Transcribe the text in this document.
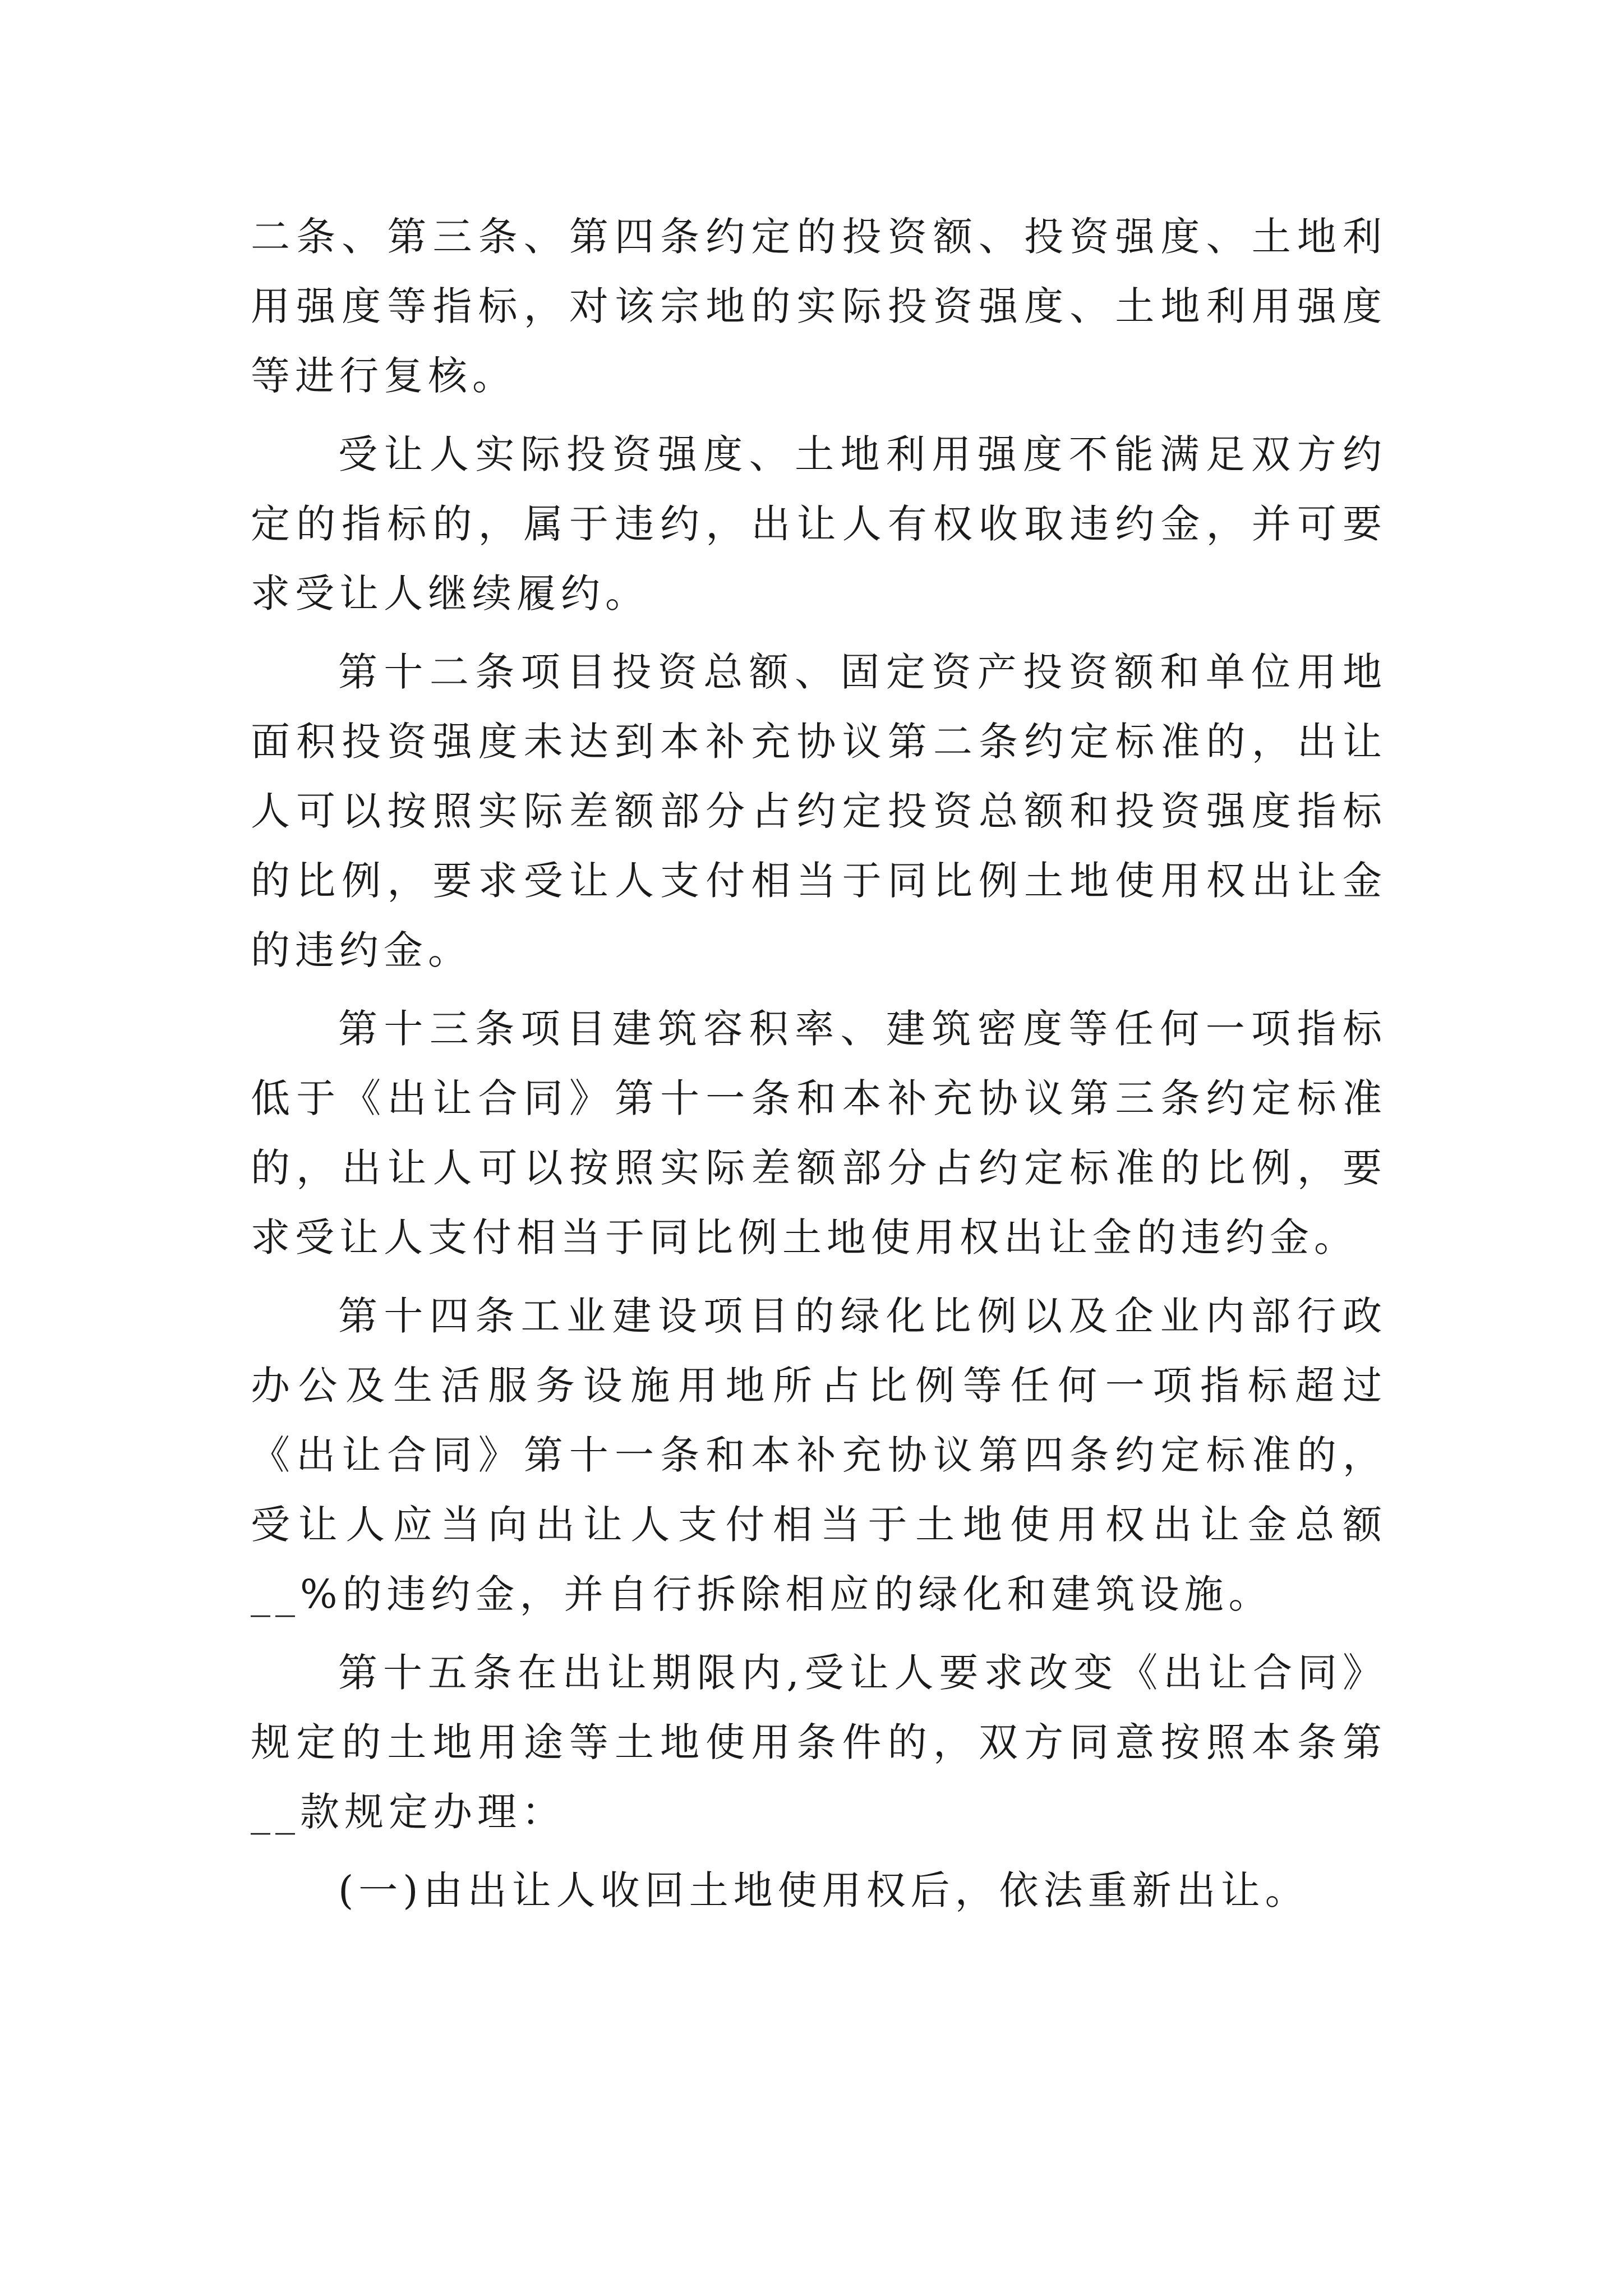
二条、第三条、第四条约定的投资额、投资强度、土地利用强度等指标，对该宗地的实际投资强度、土地利用强度等进行复核。

受让人实际投资强度、土地利用强度不能满足双方约定的指标的，属于违约，出让人有权收取违约金，并可要求受让人继续履约。

第十二条项目投资总额、固定资产投资额和单位用地面积投资强度未达到本补充协议第二条约定标准的，出让人可以按照实际差额部分占约定投资总额和投资强度指标的比例，要求受让人支付相当于同比例土地使用权出让金的违约金。

第十三条项目建筑容积率、建筑密度等任何一项指标低于《出让合同》第十一条和本补充协议第三条约定标准的，出让人可以按照实际差额部分占约定标准的比例，要求受让人支付相当于同比例土地使用权出让金的违约金。

第十四条工业建设项目的绿化比例以及企业内部行政办公及生活服务设施用地所占比例等任何一项指标超过《出让合同》第十一条和本补充协议第四条约定标准的，受让人应当向出让人支付相当于土地使用权出让金总额__%的违约金，并自行拆除相应的绿化和建筑设施。

第十五条在出让期限内,受让人要求改变《出让合同》规定的土地用途等土地使用条件的，双方同意按照本条第__款规定办理：

(一)由出让人收回土地使用权后，依法重新出让。
